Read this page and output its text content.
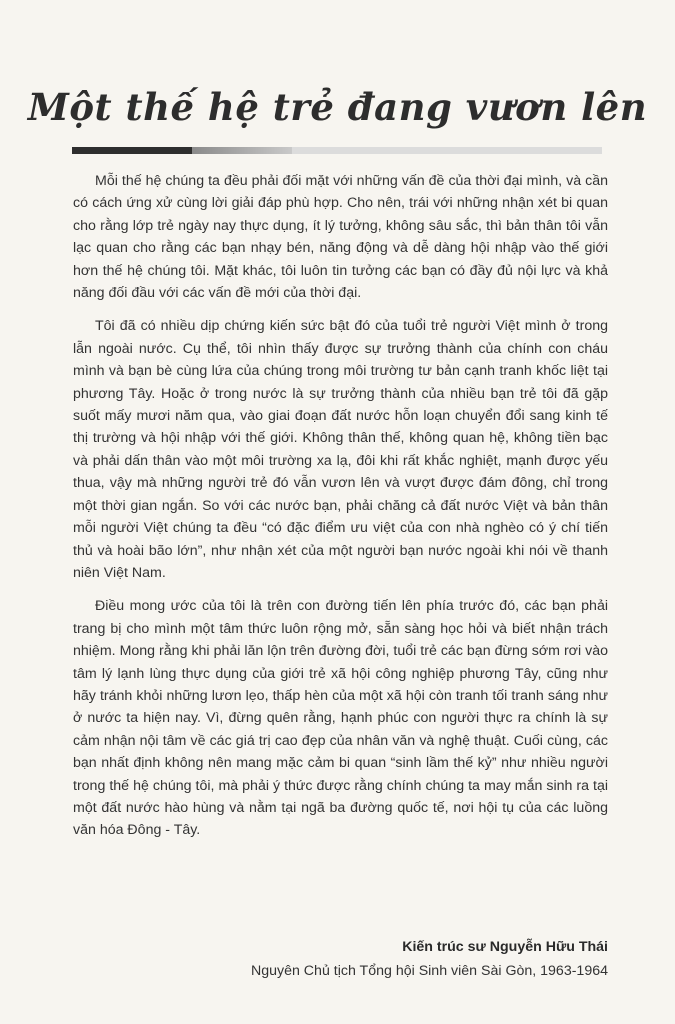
Một thế hệ trẻ đang vươn lên

Mỗi thế hệ chúng ta đều phải đối mặt với những vấn đề của thời đại mình, và cần có cách ứng xử cùng lời giải đáp phù hợp. Cho nên, trái với những nhận xét bi quan cho rằng lớp trẻ ngày nay thực dụng, ít lý tưởng, không sâu sắc, thì bản thân tôi vẫn lạc quan cho rằng các bạn nhạy bén, năng động và dễ dàng hội nhập vào thế giới hơn thế hệ chúng tôi. Mặt khác, tôi luôn tin tưởng các bạn có đầy đủ nội lực và khả năng đối đầu với các vấn đề mới của thời đại.

Tôi đã có nhiều dịp chứng kiến sức bật đó của tuổi trẻ người Việt mình ở trong lẫn ngoài nước. Cụ thể, tôi nhìn thấy được sự trưởng thành của chính con cháu mình và bạn bè cùng lứa của chúng trong môi trường tư bản cạnh tranh khốc liệt tại phương Tây. Hoặc ở trong nước là sự trưởng thành của nhiều bạn trẻ tôi đã gặp suốt mấy mươi năm qua, vào giai đoạn đất nước hỗn loạn chuyển đổi sang kinh tế thị trường và hội nhập với thế giới. Không thân thế, không quan hệ, không tiền bạc và phải dấn thân vào một môi trường xa lạ, đôi khi rất khắc nghiệt, mạnh được yếu thua, vậy mà những người trẻ đó vẫn vươn lên và vượt được đám đông, chỉ trong một thời gian ngắn. So với các nước bạn, phải chăng cả đất nước Việt và bản thân mỗi người Việt chúng ta đều “có đặc điểm ưu việt của con nhà nghèo có ý chí tiến thủ và hoài bão lớn”, như nhận xét của một người bạn nước ngoài khi nói về thanh niên Việt Nam.

Điều mong ước của tôi là trên con đường tiến lên phía trước đó, các bạn phải trang bị cho mình một tâm thức luôn rộng mở, sẵn sàng học hỏi và biết nhận trách nhiệm. Mong rằng khi phải lăn lộn trên đường đời, tuổi trẻ các bạn đừng sớm rơi vào tâm lý lạnh lùng thực dụng của giới trẻ xã hội công nghiệp phương Tây, cũng như hãy tránh khỏi những lươn lẹo, thấp hèn của một xã hội còn tranh tối tranh sáng như ở nước ta hiện nay. Vì, đừng quên rằng, hạnh phúc con người thực ra chính là sự cảm nhận nội tâm về các giá trị cao đẹp của nhân văn và nghệ thuật. Cuối cùng, các bạn nhất định không nên mang mặc cảm bi quan “sinh lầm thế kỷ” như nhiều người trong thế hệ chúng tôi, mà phải ý thức được rằng chính chúng ta may mắn sinh ra tại một đất nước hào hùng và nằm tại ngã ba đường quốc tế, nơi hội tụ của các luồng văn hóa Đông - Tây.

Kiến trúc sư Nguyễn Hữu Thái
Nguyên Chủ tịch Tổng hội Sinh viên Sài Gòn, 1963-1964
